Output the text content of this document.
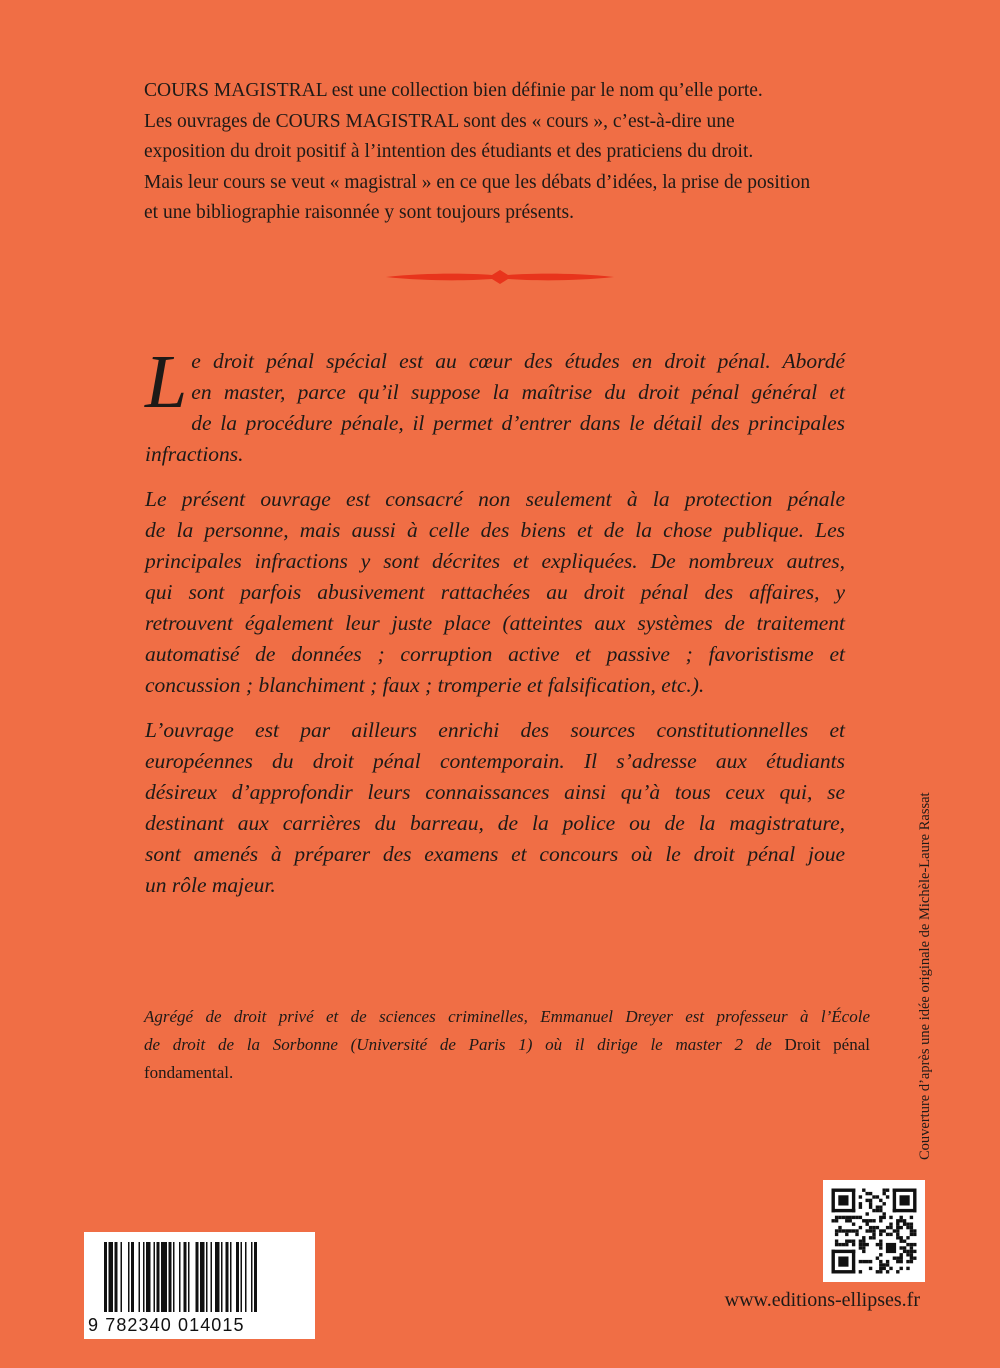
COURS MAGISTRAL est une collection bien définie par le nom qu’elle porte.
Les ouvrages de COURS MAGISTRAL sont des « cours », c’est-à-dire une
exposition du droit positif à l’intention des étudiants et des praticiens du droit.
Mais leur cours se veut « magistral » en ce que les débats d’idées, la prise de position
et une bibliographie raisonnée y sont toujours présents.
L e droit pénal spécial est au cœur des études en droit pénal. Abordé
en master, parce qu’il suppose la maîtrise du droit pénal général et
de la procédure pénale, il permet d’entrer dans le détail des principales
infractions.
Le présent ouvrage est consacré non seulement à la protection pénale
de la personne, mais aussi à celle des biens et de la chose publique. Les
principales infractions y sont décrites et expliquées. De nombreux autres,
qui sont parfois abusivement rattachées au droit pénal des affaires, y
retrouvent également leur juste place (atteintes aux systèmes de traitement
automatisé de données ; corruption active et passive ; favoristisme et
concussion ; blanchiment ; faux ; tromperie et falsification, etc.).
L’ouvrage est par ailleurs enrichi des sources constitutionnelles et
européennes du droit pénal contemporain. Il s’adresse aux étudiants
désireux d’approfondir leurs connaissances ainsi qu’à tous ceux qui, se
destinant aux carrières du barreau, de la police ou de la magistrature,
sont amenés à préparer des examens et concours où le droit pénal joue
un rôle majeur.
Agrégé de droit privé et de sciences criminelles, Emmanuel Dreyer est professeur à l’École
de droit de la Sorbonne (Université de Paris 1) où il dirige le master 2 de Droit pénal
fondamental.	Couverture d’après une idée originale de Michèle-Laure Rassat
9 782340 014015
www.editions-ellipses.fr
